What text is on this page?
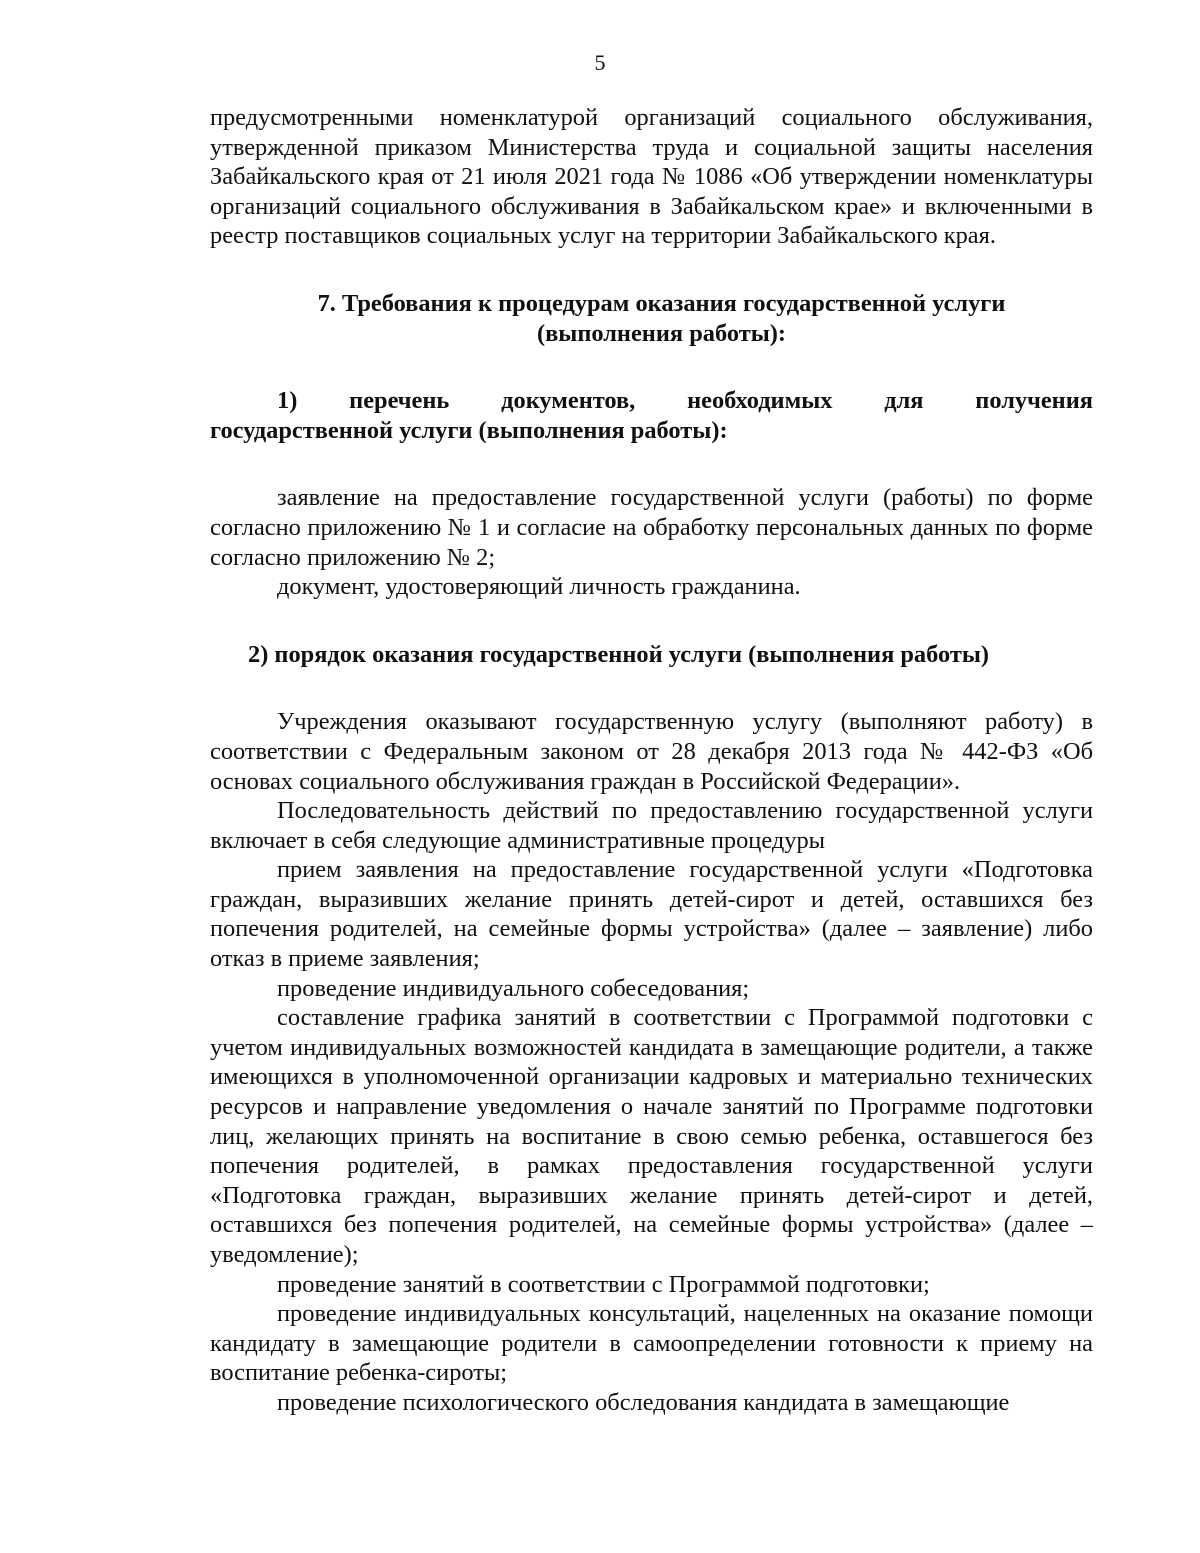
5

предусмотренными номенклатурой организаций социального обслуживания, утвержденной приказом Министерства труда и социальной защиты населения Забайкальского края от 21 июля 2021 года № 1086 «Об утверждении номенклатуры организаций социального обслуживания в Забайкальском крае» и включенными в реестр поставщиков социальных услуг на территории Забайкальского края.

7. Требования к процедурам оказания государственной услуги
(выполнения работы):
1) перечень документов, необходимых для получения
государственной услуги (выполнения работы):

заявление на предоставление государственной услуги (работы) по форме согласно приложению № 1 и согласие на обработку персональных данных по форме согласно приложению № 2;

документ, удостоверяющий личность гражданина.

2) порядок оказания государственной услуги (выполнения работы)

Учреждения оказывают государственную услугу (выполняют работу) в соответствии с Федеральным законом от 28 декабря 2013 года № 442-ФЗ «Об основах социального обслуживания граждан в Российской Федерации».

Последовательность действий по предоставлению государственной услуги включает в себя следующие административные процедуры

прием заявления на предоставление государственной услуги «Подготовка граждан, выразивших желание принять детей-сирот и детей, оставшихся без попечения родителей, на семейные формы устройства» (далее – заявление) либо отказ в приеме заявления;

проведение индивидуального собеседования;

составление графика занятий в соответствии с Программой подготовки с учетом индивидуальных возможностей кандидата в замещающие родители, а также имеющихся в уполномоченной организации кадровых и материально технических ресурсов и направление уведомления о начале занятий по Программе подготовки лиц, желающих принять на воспитание в свою семью ребенка, оставшегося без попечения родителей, в рамках предоставления государственной услуги «Подготовка граждан, выразивших желание принять детей-сирот и детей, оставшихся без попечения родителей, на семейные формы устройства» (далее – уведомление);

проведение занятий в соответствии с Программой подготовки;

проведение индивидуальных консультаций, нацеленных на оказание помощи кандидату в замещающие родители в самоопределении готовности к приему на воспитание ребенка-сироты;

проведение психологического обследования кандидата в замещающие
